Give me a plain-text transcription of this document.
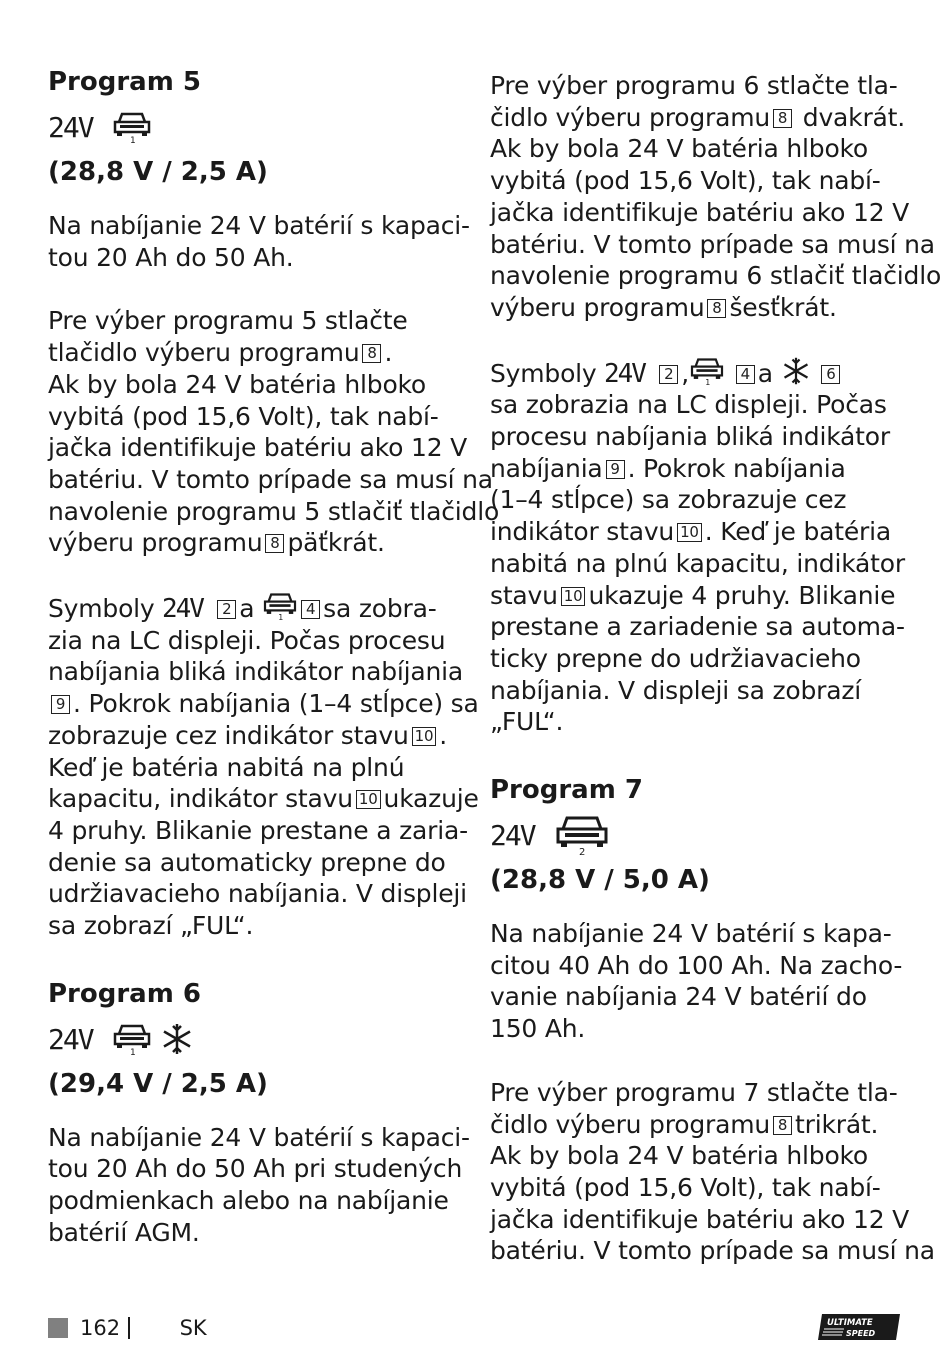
Program 5
24V	1
(28,8 V / 2,5 A)

Na nabíjanie 24 V batérií s kapaci-

tou 20 Ah do 50 Ah.

Pre výber programu 5 stlačte

tlačidlo výberu programu 8 .

Ak by bola 24 V batéria hlboko

vybitá (pod 15,6 Volt), tak nabí-

jačka identifikuje batériu ako 12 V

batériu. V tomto prípade sa musí na

navolenie programu 5 stlačiť tlačidlo

výberu programu 8 päťkrát.

Symboly 24V 2 a	1 4 sa zobra-

zia na LC displeji. Počas procesu

nabíjania bliká indikátor nabíjania

9 . Pokrok nabíjania (1–4 stĺpce) sa

zobrazuje cez indikátor stavu 10 .

Keď je batéria nabitá na plnú

kapacitu, indikátor stavu 10 ukazuje

4 pruhy. Blikanie prestane a zaria-

denie sa automaticky prepne do

udržiavacieho nabíjania. V displeji

sa zobrazí „FUL“.

Program 6
24V	1
(29,4 V / 2,5 A)

Na nabíjanie 24 V batérií s kapaci-

tou 20 Ah do 50 Ah pri studených

podmienkach alebo na nabíjanie

batérií AGM.

Pre výber programu 6 stlačte tla-

čidlo výberu programu 8 dvakrát.

Ak by bola 24 V batéria hlboko

vybitá (pod 15,6 Volt), tak nabí-

jačka identifikuje batériu ako 12 V

batériu. V tomto prípade sa musí na

navolenie programu 6 stlačiť tlačidlo

výberu programu 8 šesťkrát.

Symboly 24V 2 , 1 4 a	6

sa zobrazia na LC displeji. Počas

procesu nabíjania bliká indikátor

nabíjania 9 . Pokrok nabíjania

(1–4 stĺpce) sa zobrazuje cez

indikátor stavu 10 . Keď je batéria

nabitá na plnú kapacitu, indikátor

stavu 10 ukazuje 4 pruhy. Blikanie

prestane a zariadenie sa automa-

ticky prepne do udržiavacieho

nabíjania. V displeji sa zobrazí

„FUL“.

Program 7
24V
2
(28,8 V / 5,0 A)

Na nabíjanie 24 V batérií s kapa-

citou 40 Ah do 100 Ah. Na zacho-

vanie nabíjania 24 V batérií do

150 Ah.

Pre výber programu 7 stlačte tla-

čidlo výberu programu 8 trikrát.

Ak by bola 24 V batéria hlboko

vybitá (pod 15,6 Volt), tak nabí-

jačka identifikuje batériu ako 12 V

batériu. V tomto prípade sa musí na

162	SK	ULTIMATE
SPEED
